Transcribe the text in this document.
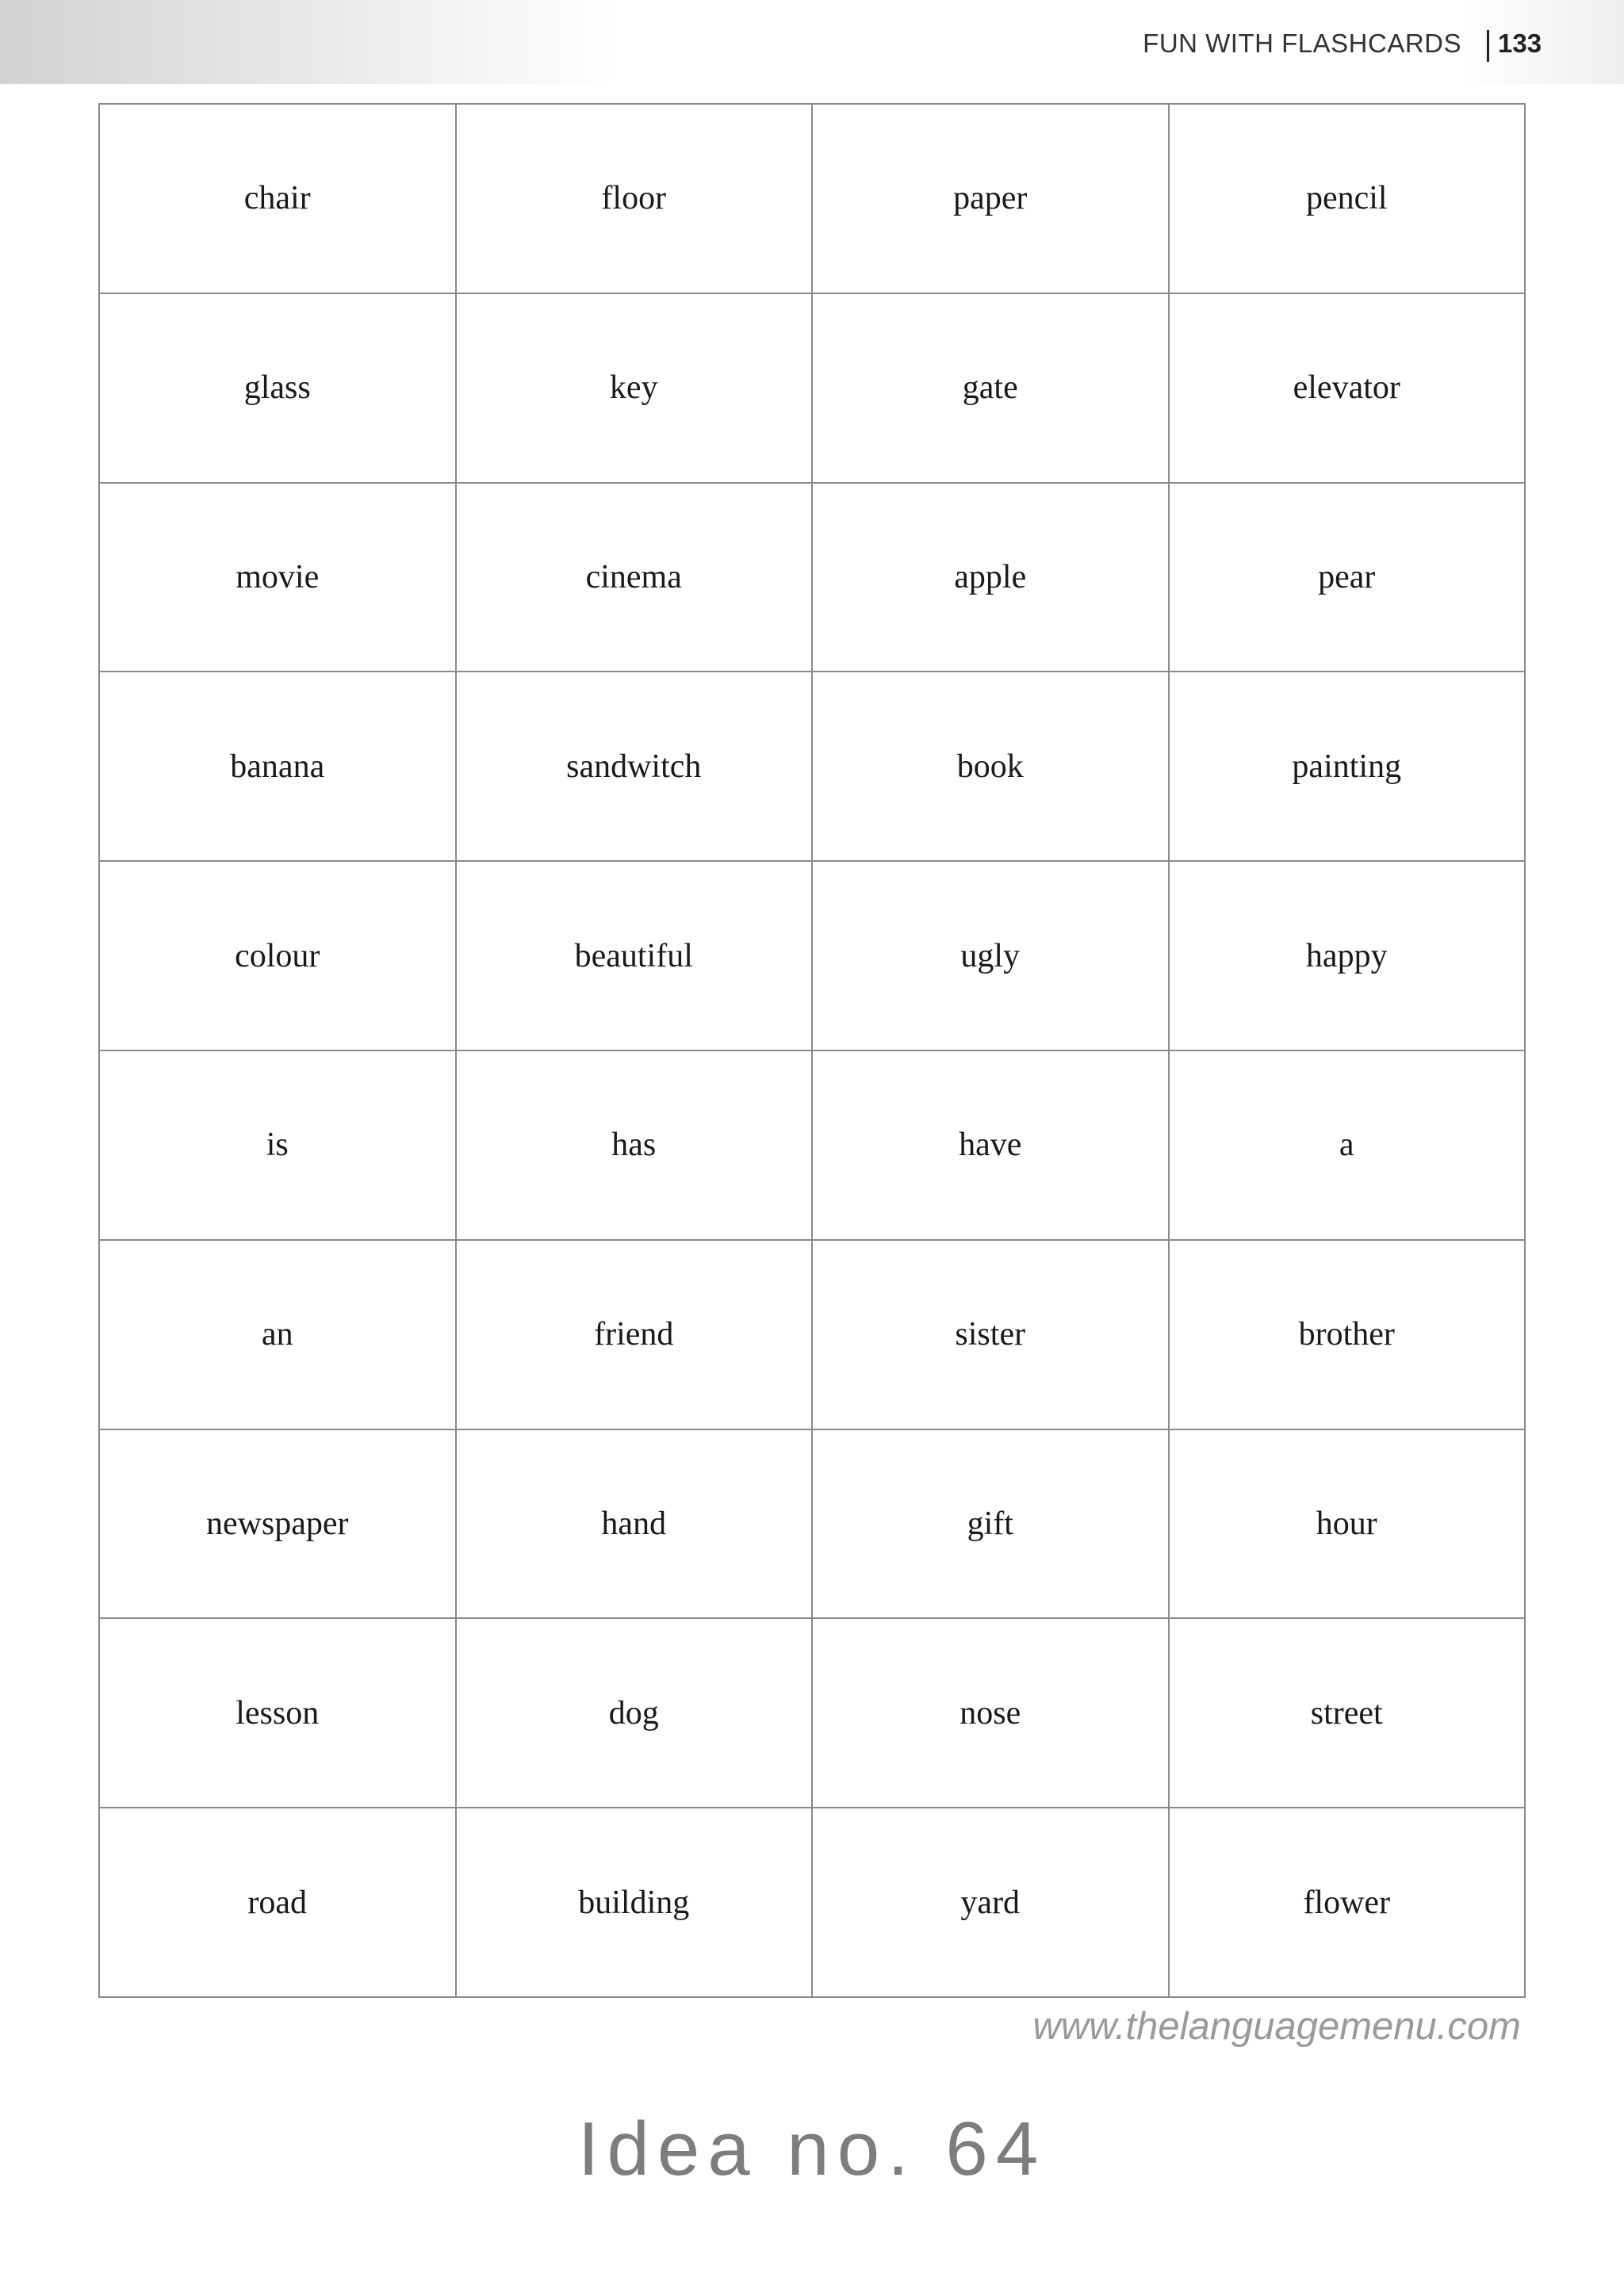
FUN WITH FLASHCARDS 133
chair	floor	paper	pencil
glass	key	gate	elevator
movie	cinema	apple	pear
banana	sandwitch	book	painting
colour	beautiful	ugly	happy
is	has	have	a
an	friend	sister	brother
newspaper	hand	gift	hour
lesson	dog	nose	street
road	building	yard	flower
www.thelanguagemenu.com
Idea no. 64
